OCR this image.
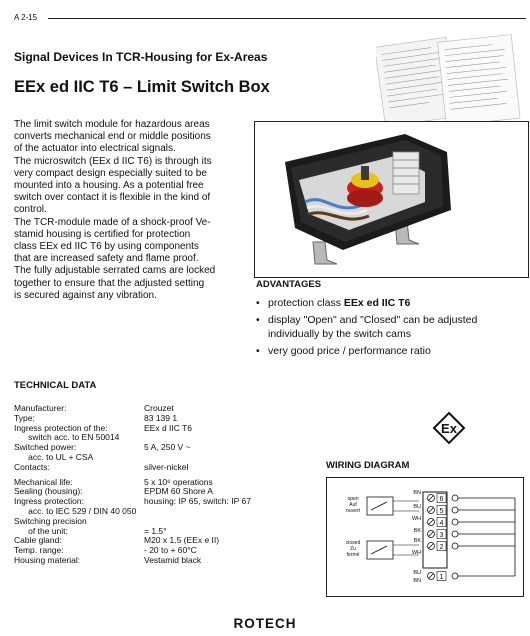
A 2-15
Signal Devices In TCR-Housing for Ex-Areas
EEx ed IIC T6 – Limit Switch Box

The limit switch module for hazardous areas

converts mechanical end or middle positions

of the actuator into electrical signals.

The microswitch (EEx d IIC T6) is through its

very compact design especially suited to be

mounted into a housing. As a potential free

switch over contact it is flexible in the kind of

control.

The TCR-module made of a shock-proof Ve-

stamid housing is certified for protection

class EEx ed IIC T6 by using components

that are increased safety and flame proof.

The fully adjustable serrated cams are locked

together to ensure that the adjusted setting

is secured against any vibration.

ADVANTAGES
• protection class EEx ed IIC T6
• display "Open" and "Closed" can be adjusted individually by the switch cams
• very good price / performance ratio
TECHNICAL DATA
Manufacturer:	Crouzet
Type:	83 139 1
Ingress protection of the:	EEx d IIC T6
switch acc. to EN 50014
Switched power:	5 A, 250 V ~
acc. to UL + CSA
Contacts:	silver-nickel
Mechanical life:	5 x 10⁶ operations
Sealing (housing):	EPDM 60 Shore A
Ingress protection:	housing: IP 65, switch: IP 67
acc. to IEC 529 / DIN 40 050
Switching precision
of the unit:	= 1.5°
Cable gland:	M20 x 1.5 (EEx e II)
Temp. range:	- 20 to + 60°C
Housing material:	Vestamid black
Ex
WIRING DIAGRAM
6
5
4
3
2
1
BN
BU
WH
BK
BK
WH
BU
BN
open
Auf
ouvert
closed
Zu
fermé
ROTECH
